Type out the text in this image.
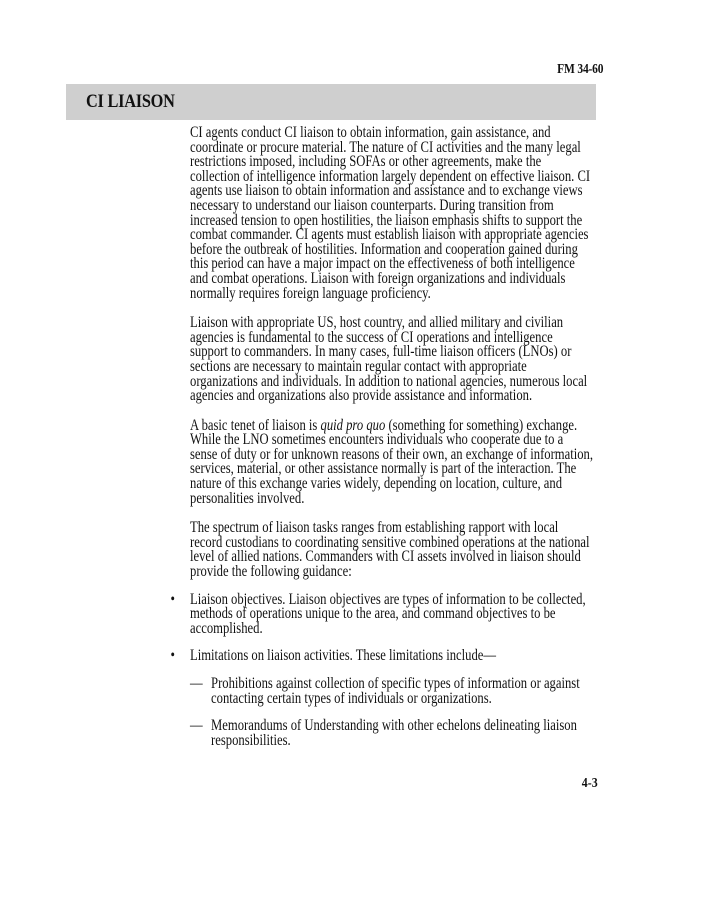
FM 34-60
CI LIAISON

CI agents conduct CI liaison to obtain information, gain assistance, and coordinate or procure material. The nature of CI activities and the many legal restrictions imposed, including SOFAs or other agreements, make the collection of intelligence information largely dependent on effective liaison. CI agents use liaison to obtain information and assistance and to exchange views necessary to understand our liaison counterparts. During transition from increased tension to open hostilities, the liaison emphasis shifts to support the combat commander. CI agents must establish liaison with appropriate agencies before the outbreak of hostilities. Information and cooperation gained during this period can have a major impact on the effectiveness of both intelligence and combat operations. Liaison with foreign organizations and individuals normally requires foreign language proficiency.

Liaison with appropriate US, host country, and allied military and civilian agencies is fundamental to the success of CI operations and intelligence support to commanders. In many cases, full-time liaison officers (LNOs) or sections are necessary to maintain regular contact with appropriate organizations and individuals. In addition to national agencies, numerous local agencies and organizations also provide assistance and information.

A basic tenet of liaison is quid pro quo (something for something) exchange. While the LNO sometimes encounters individuals who cooperate due to a sense of duty or for unknown reasons of their own, an exchange of information, services, material, or other assistance normally is part of the interaction. The nature of this exchange varies widely, depending on location, culture, and personalities involved.

The spectrum of liaison tasks ranges from establishing rapport with local record custodians to coordinating sensitive combined operations at the national level of allied nations. Commanders with CI assets involved in liaison should provide the following guidance:

• Liaison objectives. Liaison objectives are types of information to be collected, methods of operations unique to the area, and command objectives to be accomplished.
• Limitations on liaison activities. These limitations include—
— Prohibitions against collection of specific types of information or against contacting certain types of individuals or organizations.
— Memorandums of Understanding with other echelons delineating liaison responsibilities.
4-3
